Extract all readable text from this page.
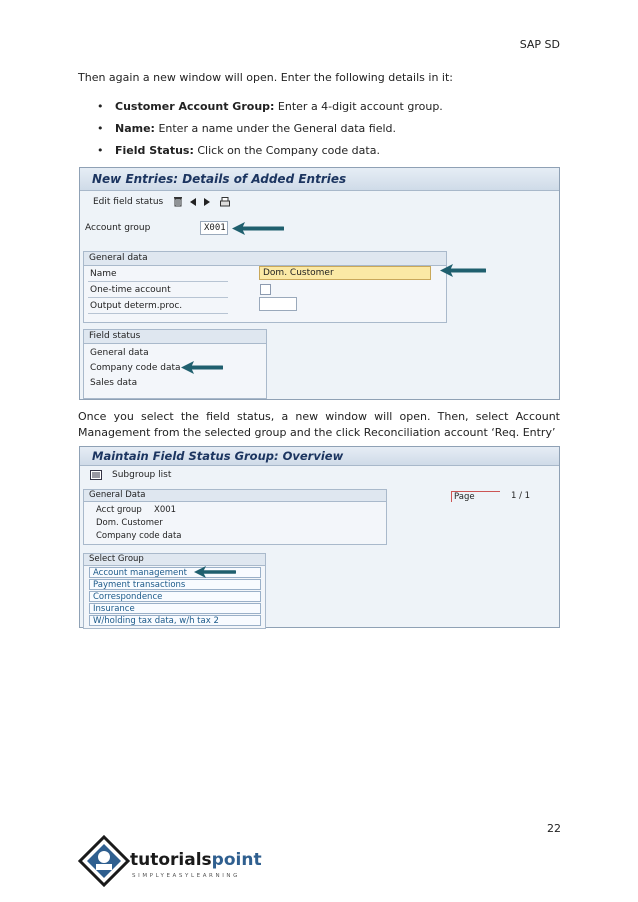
SAP SD
Then again a new window will open. Enter the following details in it:
• Customer Account Group: Enter a 4-digit account group.
• Name: Enter a name under the General data field.
• Field Status: Click on the Company code data.
New Entries: Details of Added Entries
Edit field status
Account group	X001
General data
Name
One-time account
Output determ.proc.
Dom. Customer
Field status
General data
Company code data
Sales data
Once you select the field status, a new window will open. Then, select Account
Management from the selected group and the click Reconciliation account ‘Req. Entry’
Maintain Field Status Group: Overview
Subgroup list
General Data
Acct group X001
Dom. Customer
Company code data
Page	1 / 1
Select Group
Account management
Payment transactions
Correspondence
Insurance
W/holding tax data, w/h tax 2
22
tutorialspoint
SIMPLYEASYLEARNING
